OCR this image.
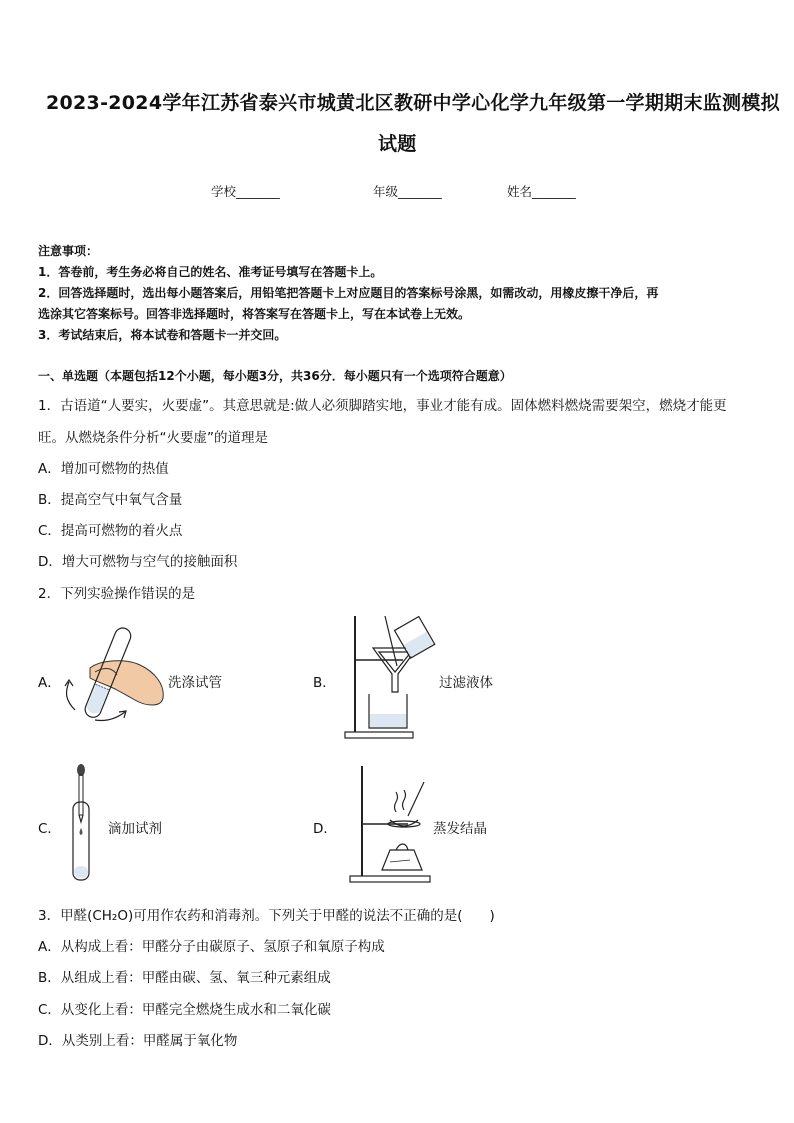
2023-2024学年江苏省泰兴市城黄北区教研中学心化学九年级第一学期期末监测模拟
试题
学校_______	年级_______	姓名_______
注意事项：
1．答卷前，考生务必将自己的姓名、准考证号填写在答题卡上。
2．回答选择题时，选出每小题答案后，用铅笔把答题卡上对应题目的答案标号涂黑，如需改动，用橡皮擦干净后，再
选涂其它答案标号。回答非选择题时，将答案写在答题卡上，写在本试卷上无效。
3．考试结束后，将本试卷和答题卡一并交回。
一、单选题（本题包括12个小题，每小题3分，共36分．每小题只有一个选项符合题意）
1．古语道“人要实，火要虚”。其意思就是:做人必须脚踏实地，事业才能有成。固体燃料燃烧需要架空，燃烧才能更
旺。从燃烧条件分析“火要虚”的道理是
A．增加可燃物的热值
B．提高空气中氧气含量
C．提高可燃物的着火点
D．增大可燃物与空气的接触面积
2．下列实验操作错误的是
A．	洗涤试管	B．	过滤液体
C．	滴加试剂	D．	蒸发结晶
3．甲醛(CH₂O)可用作农药和消毒剂。下列关于甲醛的说法不正确的是(　　)
A．从构成上看：甲醛分子由碳原子、氢原子和氧原子构成
B．从组成上看：甲醛由碳、氢、氧三种元素组成
C．从变化上看：甲醛完全燃烧生成水和二氧化碳
D．从类别上看：甲醛属于氧化物
